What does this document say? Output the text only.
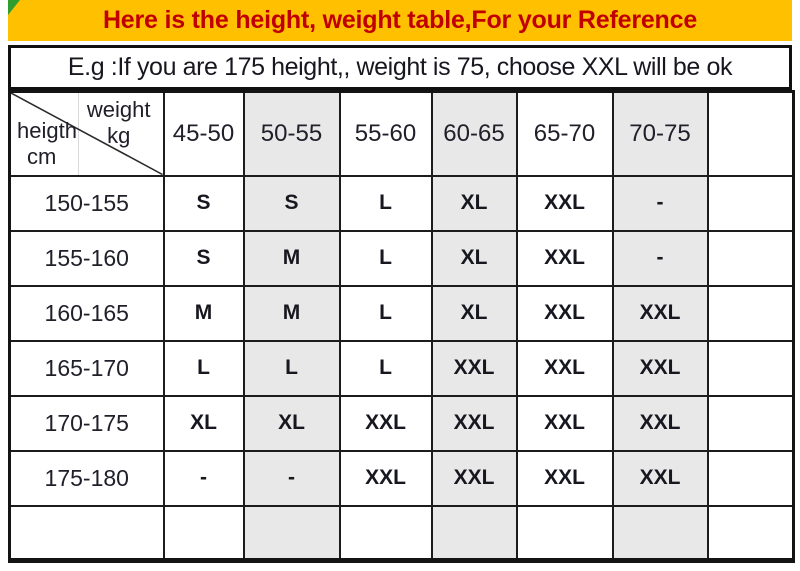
Here is the height, weight table,For your Reference
E.g :If you are 175 height,, weight is 75, choose XXL will be ok
weight
kg
heigth
cm	45-50	50-55	55-60	60-65	65-70	70-75	
150-155	S	S	L	XL	XXL	-	
155-160	S	M	L	XL	XXL	-	
160-165	M	M	L	XL	XXL	XXL	
165-170	L	L	L	XXL	XXL	XXL	
170-175	XL	XL	XXL	XXL	XXL	XXL	
175-180	-	-	XXL	XXL	XXL	XXL	
